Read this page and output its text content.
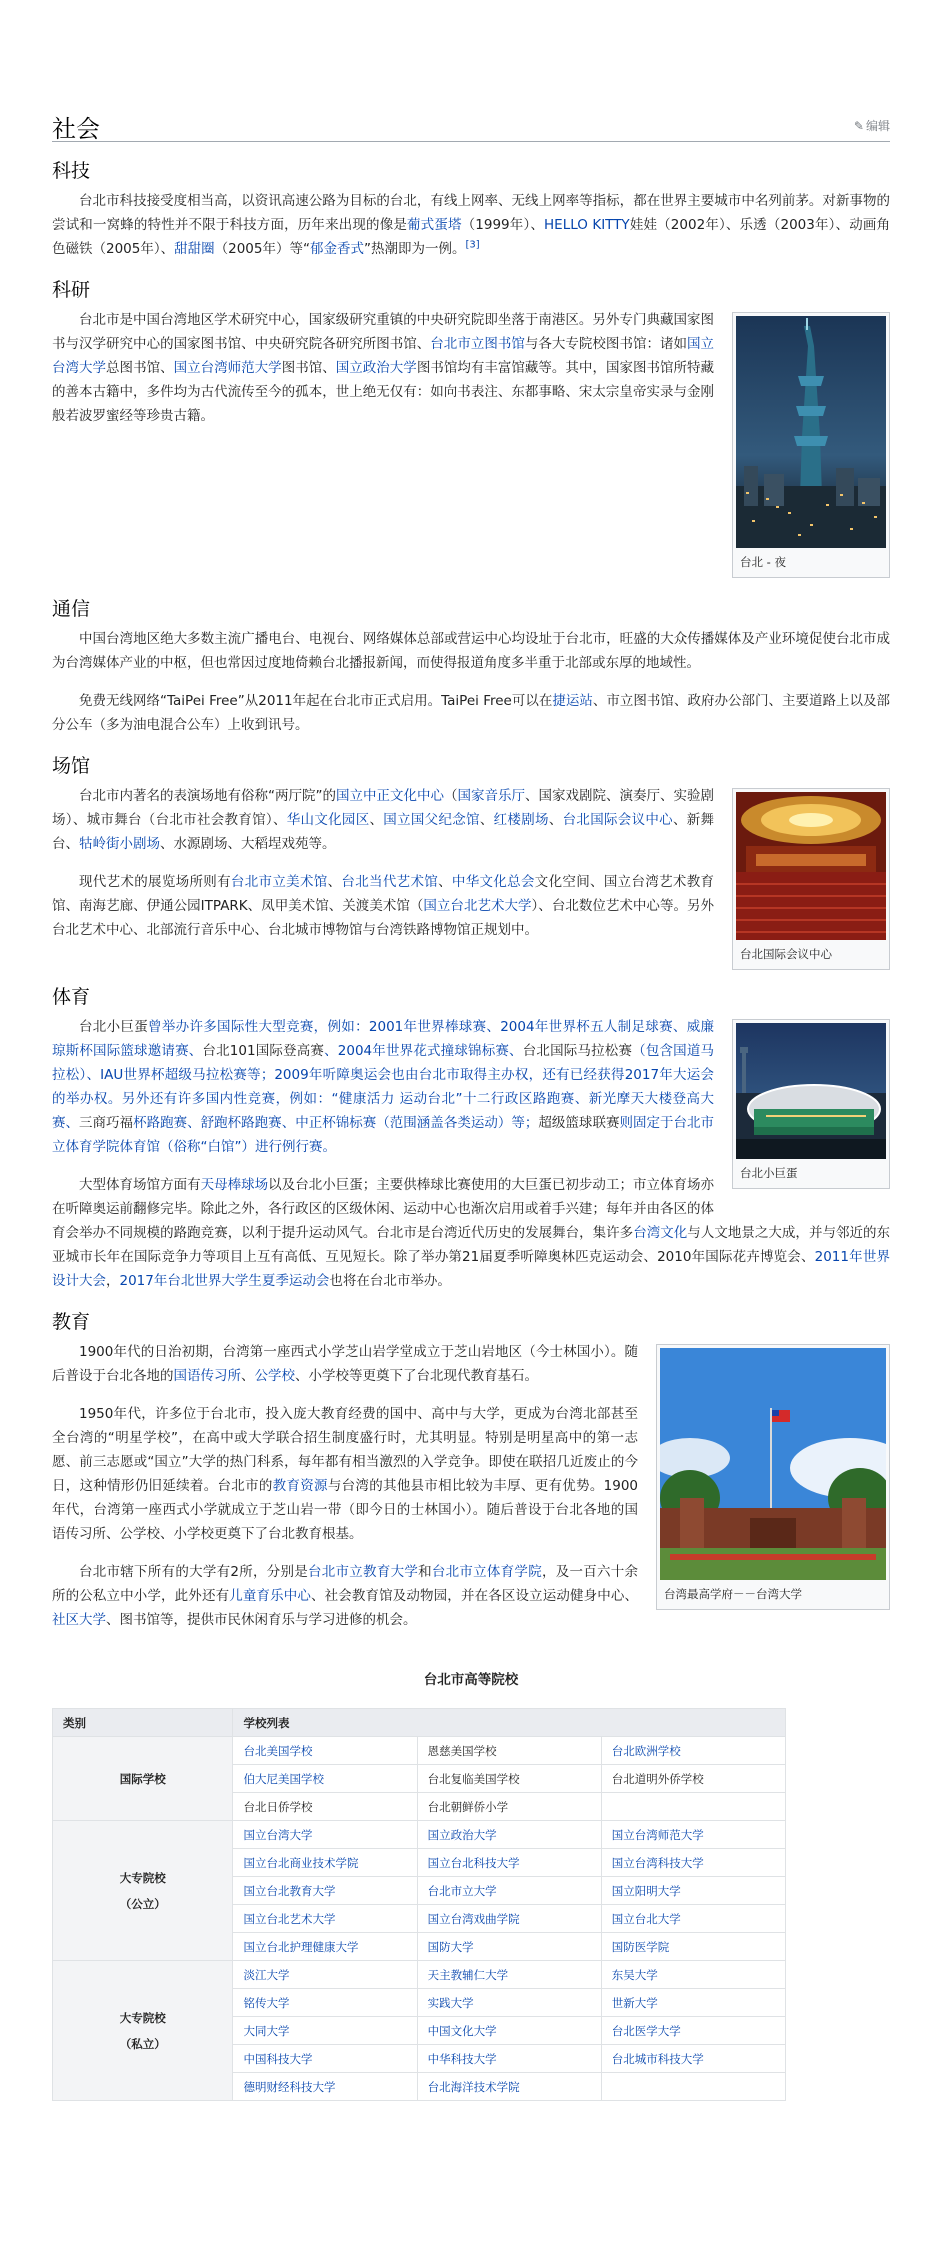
社会	✎ 编辑
科技

台北市科技接受度相当高，以资讯高速公路为目标的台北，有线上网率、无线上网率等指标，都在世界主要城市中名列前茅。对新事物的尝试和一窝蜂的特性并不限于科技方面，历年来出现的像是葡式蛋塔（1999年）、HELLO KITTY娃娃（2002年）、乐透（2003年）、动画角色磁铁（2005年）、甜甜圈（2005年）等“郁金香式”热潮即为一例。[3]

科研
台北 - 夜

台北市是中国台湾地区学术研究中心，国家级研究重镇的中央研究院即坐落于南港区。另外专门典藏国家图书与汉学研究中心的国家图书馆、中央研究院各研究所图书馆、台北市立图书馆与各大专院校图书馆：诸如国立台湾大学总图书馆、国立台湾师范大学图书馆、国立政治大学图书馆均有丰富馆藏等。其中，国家图书馆所特藏的善本古籍中，多件均为古代流传至今的孤本，世上绝无仅有：如向书表注、东都事略、宋太宗皇帝实录与金刚般若波罗蜜经等珍贵古籍。

通信

中国台湾地区绝大多数主流广播电台、电视台、网络媒体总部或营运中心均设址于台北市，旺盛的大众传播媒体及产业环境促使台北市成为台湾媒体产业的中枢，但也常因过度地倚赖台北播报新闻，而使得报道角度多半重于北部或东厚的地域性。

免费无线网络“TaiPei Free”从2011年起在台北市正式启用。TaiPei Free可以在捷运站、市立图书馆、政府办公部门、主要道路上以及部分公车（多为油电混合公车）上收到讯号。

场馆
台北国际会议中心

台北市内著名的表演场地有俗称“两厅院”的国立中正文化中心（国家音乐厅、国家戏剧院、演奏厅、实验剧场）、城市舞台（台北市社会教育馆）、华山文化园区、国立国父纪念馆、红楼剧场、台北国际会议中心、新舞台、牯岭街小剧场、水源剧场、大稻埕戏苑等。

现代艺术的展览场所则有台北市立美术馆、台北当代艺术馆、中华文化总会文化空间、国立台湾艺术教育馆、南海艺廊、伊通公园ITPARK、凤甲美术馆、关渡美术馆（国立台北艺术大学）、台北数位艺术中心等。另外台北艺术中心、北部流行音乐中心、台北城市博物馆与台湾铁路博物馆正规划中。

体育
台北小巨蛋

台北小巨蛋曾举办许多国际性大型竞赛，例如：2001年世界棒球赛、2004年世界杯五人制足球赛、威廉琼斯杯国际篮球邀请赛、台北101国际登高赛、2004年世界花式撞球锦标赛、台北国际马拉松赛（包含国道马拉松）、IAU世界杯超级马拉松赛等；2009年听障奥运会也由台北市取得主办权，还有已经获得2017年大运会的举办权。另外还有许多国内性竞赛，例如：“健康活力 运动台北”十二行政区路跑赛、新光摩天大楼登高大赛、三商巧福杯路跑赛、舒跑杯路跑赛、中正杯锦标赛（范围涵盖各类运动）等；超级篮球联赛则固定于台北市立体育学院体育馆（俗称“白馆”）进行例行赛。

大型体育场馆方面有天母棒球场以及台北小巨蛋；主要供棒球比赛使用的大巨蛋已初步动工；市立体育场亦在听障奥运前翻修完毕。除此之外，各行政区的区级休闲、运动中心也渐次启用或着手兴建；每年并由各区的体育会举办不同规模的路跑竞赛，以利于提升运动风气。台北市是台湾近代历史的发展舞台，集许多台湾文化与人文地景之大成，并与邻近的东亚城市长年在国际竞争力等项目上互有高低、互见短长。除了举办第21届夏季听障奥林匹克运动会、2010年国际花卉博览会、2011年世界设计大会，2017年台北世界大学生夏季运动会也将在台北市举办。

教育
台湾最高学府－－台湾大学

1900年代的日治初期，台湾第一座西式小学芝山岩学堂成立于芝山岩地区（今士林国小）。随后普设于台北各地的国语传习所、公学校、小学校等更奠下了台北现代教育基石。

1950年代，许多位于台北市，投入庞大教育经费的国中、高中与大学，更成为台湾北部甚至全台湾的“明星学校”，在高中或大学联合招生制度盛行时，尤其明显。特别是明星高中的第一志愿、前三志愿或“国立”大学的热门科系，每年都有相当激烈的入学竞争。即使在联招几近废止的今日，这种情形仍旧延续着。台北市的教育资源与台湾的其他县市相比较为丰厚、更有优势。1900年代，台湾第一座西式小学就成立于芝山岩一带（即今日的士林国小）。随后普设于台北各地的国语传习所、公学校、小学校更奠下了台北教育根基。

台北市辖下所有的大学有2所，分别是台北市立教育大学和台北市立体育学院，及一百六十余所的公私立中小学，此外还有儿童育乐中心、社会教育馆及动物园，并在各区设立运动健身中心、社区大学、图书馆等，提供市民休闲育乐与学习进修的机会。

台北市高等院校
类别	学校列表		
国际学校	台北美国学校	恩慈美国学校	台北欧洲学校
	伯大尼美国学校	台北复临美国学校	台北道明外侨学校
	台北日侨学校	台北朝鲜侨小学	
大专院校
（公立）	国立台湾大学	国立政治大学	国立台湾师范大学
	国立台北商业技术学院	国立台北科技大学	国立台湾科技大学
	国立台北教育大学	台北市立大学	国立阳明大学
	国立台北艺术大学	国立台湾戏曲学院	国立台北大学
	国立台北护理健康大学	国防大学	国防医学院
大专院校
（私立）	淡江大学	天主教辅仁大学	东吴大学
	铭传大学	实践大学	世新大学
	大同大学	中国文化大学	台北医学大学
	中国科技大学	中华科技大学	台北城市科技大学
	德明财经科技大学	台北海洋技术学院	
